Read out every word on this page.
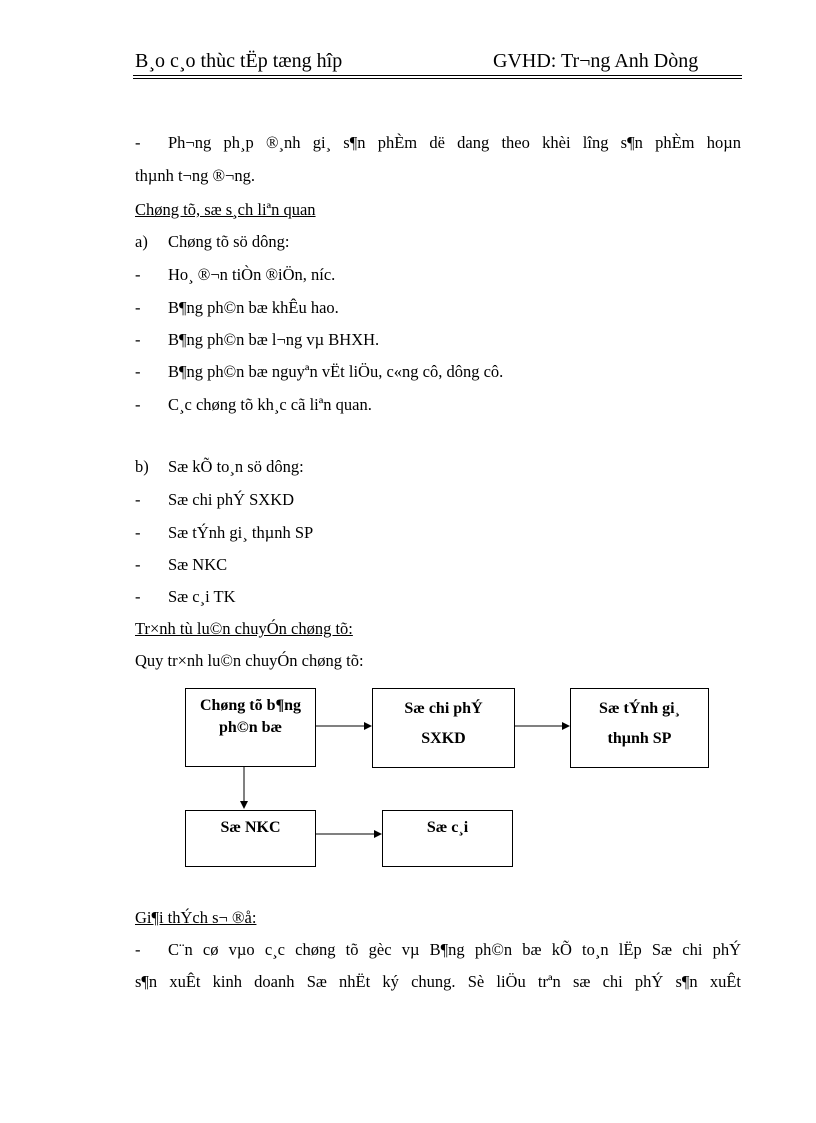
B¸o c¸o thùc tËp tæng hîp	GVHD: Tr¬ng Anh Dòng
- Ph¬ng ph¸p ®¸nh gi¸ s¶n phÈm dë dang theo khèi lîng s¶n phÈm hoµn
thµnh t¬ng ®¬ng.
Chøng tõ, sæ s¸ch liªn quan
a) Chøng tõ sö dông:
- Ho¸ ®¬n tiÒn ®iÖn, níc.
- B¶ng ph©n bæ khÊu hao.
- B¶ng ph©n bæ l¬ng vµ BHXH.
- B¶ng ph©n bæ nguyªn vËt liÖu, c«ng cô, dông cô.
- C¸c chøng tõ kh¸c cã liªn quan.
b) Sæ kÕ to¸n sö dông:
- Sæ chi phÝ SXKD
- Sæ tÝnh gi¸ thµnh SP
- Sæ NKC
- Sæ c¸i TK
Tr×nh tù lu©n chuyÓn chøng tõ:
Quy tr×nh lu©n chuyÓn chøng tõ:
Chøng tõ b¶ng ph©n bæ
Sæ chi phÝ SXKD
Sæ tÝnh gi¸ thµnh SP
Sæ NKC	Sæ c¸i
Gi¶i thÝch s¬ ®å:
- C¨n cø vµo c¸c chøng tõ gèc vµ B¶ng ph©n bæ kÕ to¸n lËp Sæ chi phÝ
s¶n xuÊt kinh doanh Sæ nhËt ký chung. Sè liÖu trªn sæ chi phÝ s¶n xuÊt
